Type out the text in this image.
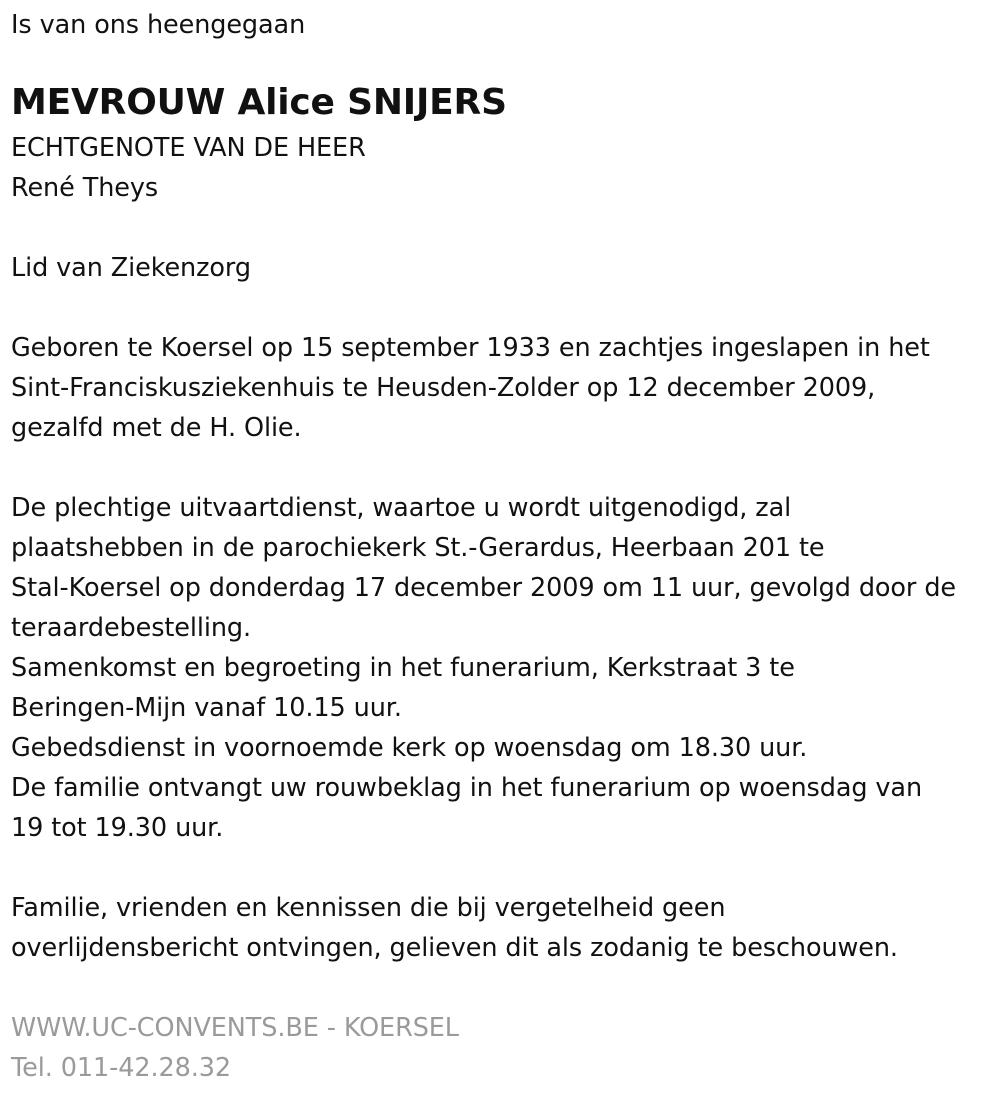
Is van ons heengegaan
MEVROUW Alice SNIJERS
ECHTGENOTE VAN DE HEER
René Theys
Lid van Ziekenzorg
Geboren te Koersel op 15 september 1933 en zachtjes ingeslapen in het
Sint-Franciskusziekenhuis te Heusden-Zolder op 12 december 2009,
gezalfd met de H. Olie.
De plechtige uitvaartdienst, waartoe u wordt uitgenodigd, zal
plaatshebben in de parochiekerk St.-Gerardus, Heerbaan 201 te
Stal-Koersel op donderdag 17 december 2009 om 11 uur, gevolgd door de
teraardebestelling.
Samenkomst en begroeting in het funerarium, Kerkstraat 3 te
Beringen-Mijn vanaf 10.15 uur.
Gebedsdienst in voornoemde kerk op woensdag om 18.30 uur.
De familie ontvangt uw rouwbeklag in het funerarium op woensdag van
19 tot 19.30 uur.
Familie, vrienden en kennissen die bij vergetelheid geen
overlijdensbericht ontvingen, gelieven dit als zodanig te beschouwen.
WWW.UC-CONVENTS.BE - KOERSEL
Tel. 011-42.28.32
